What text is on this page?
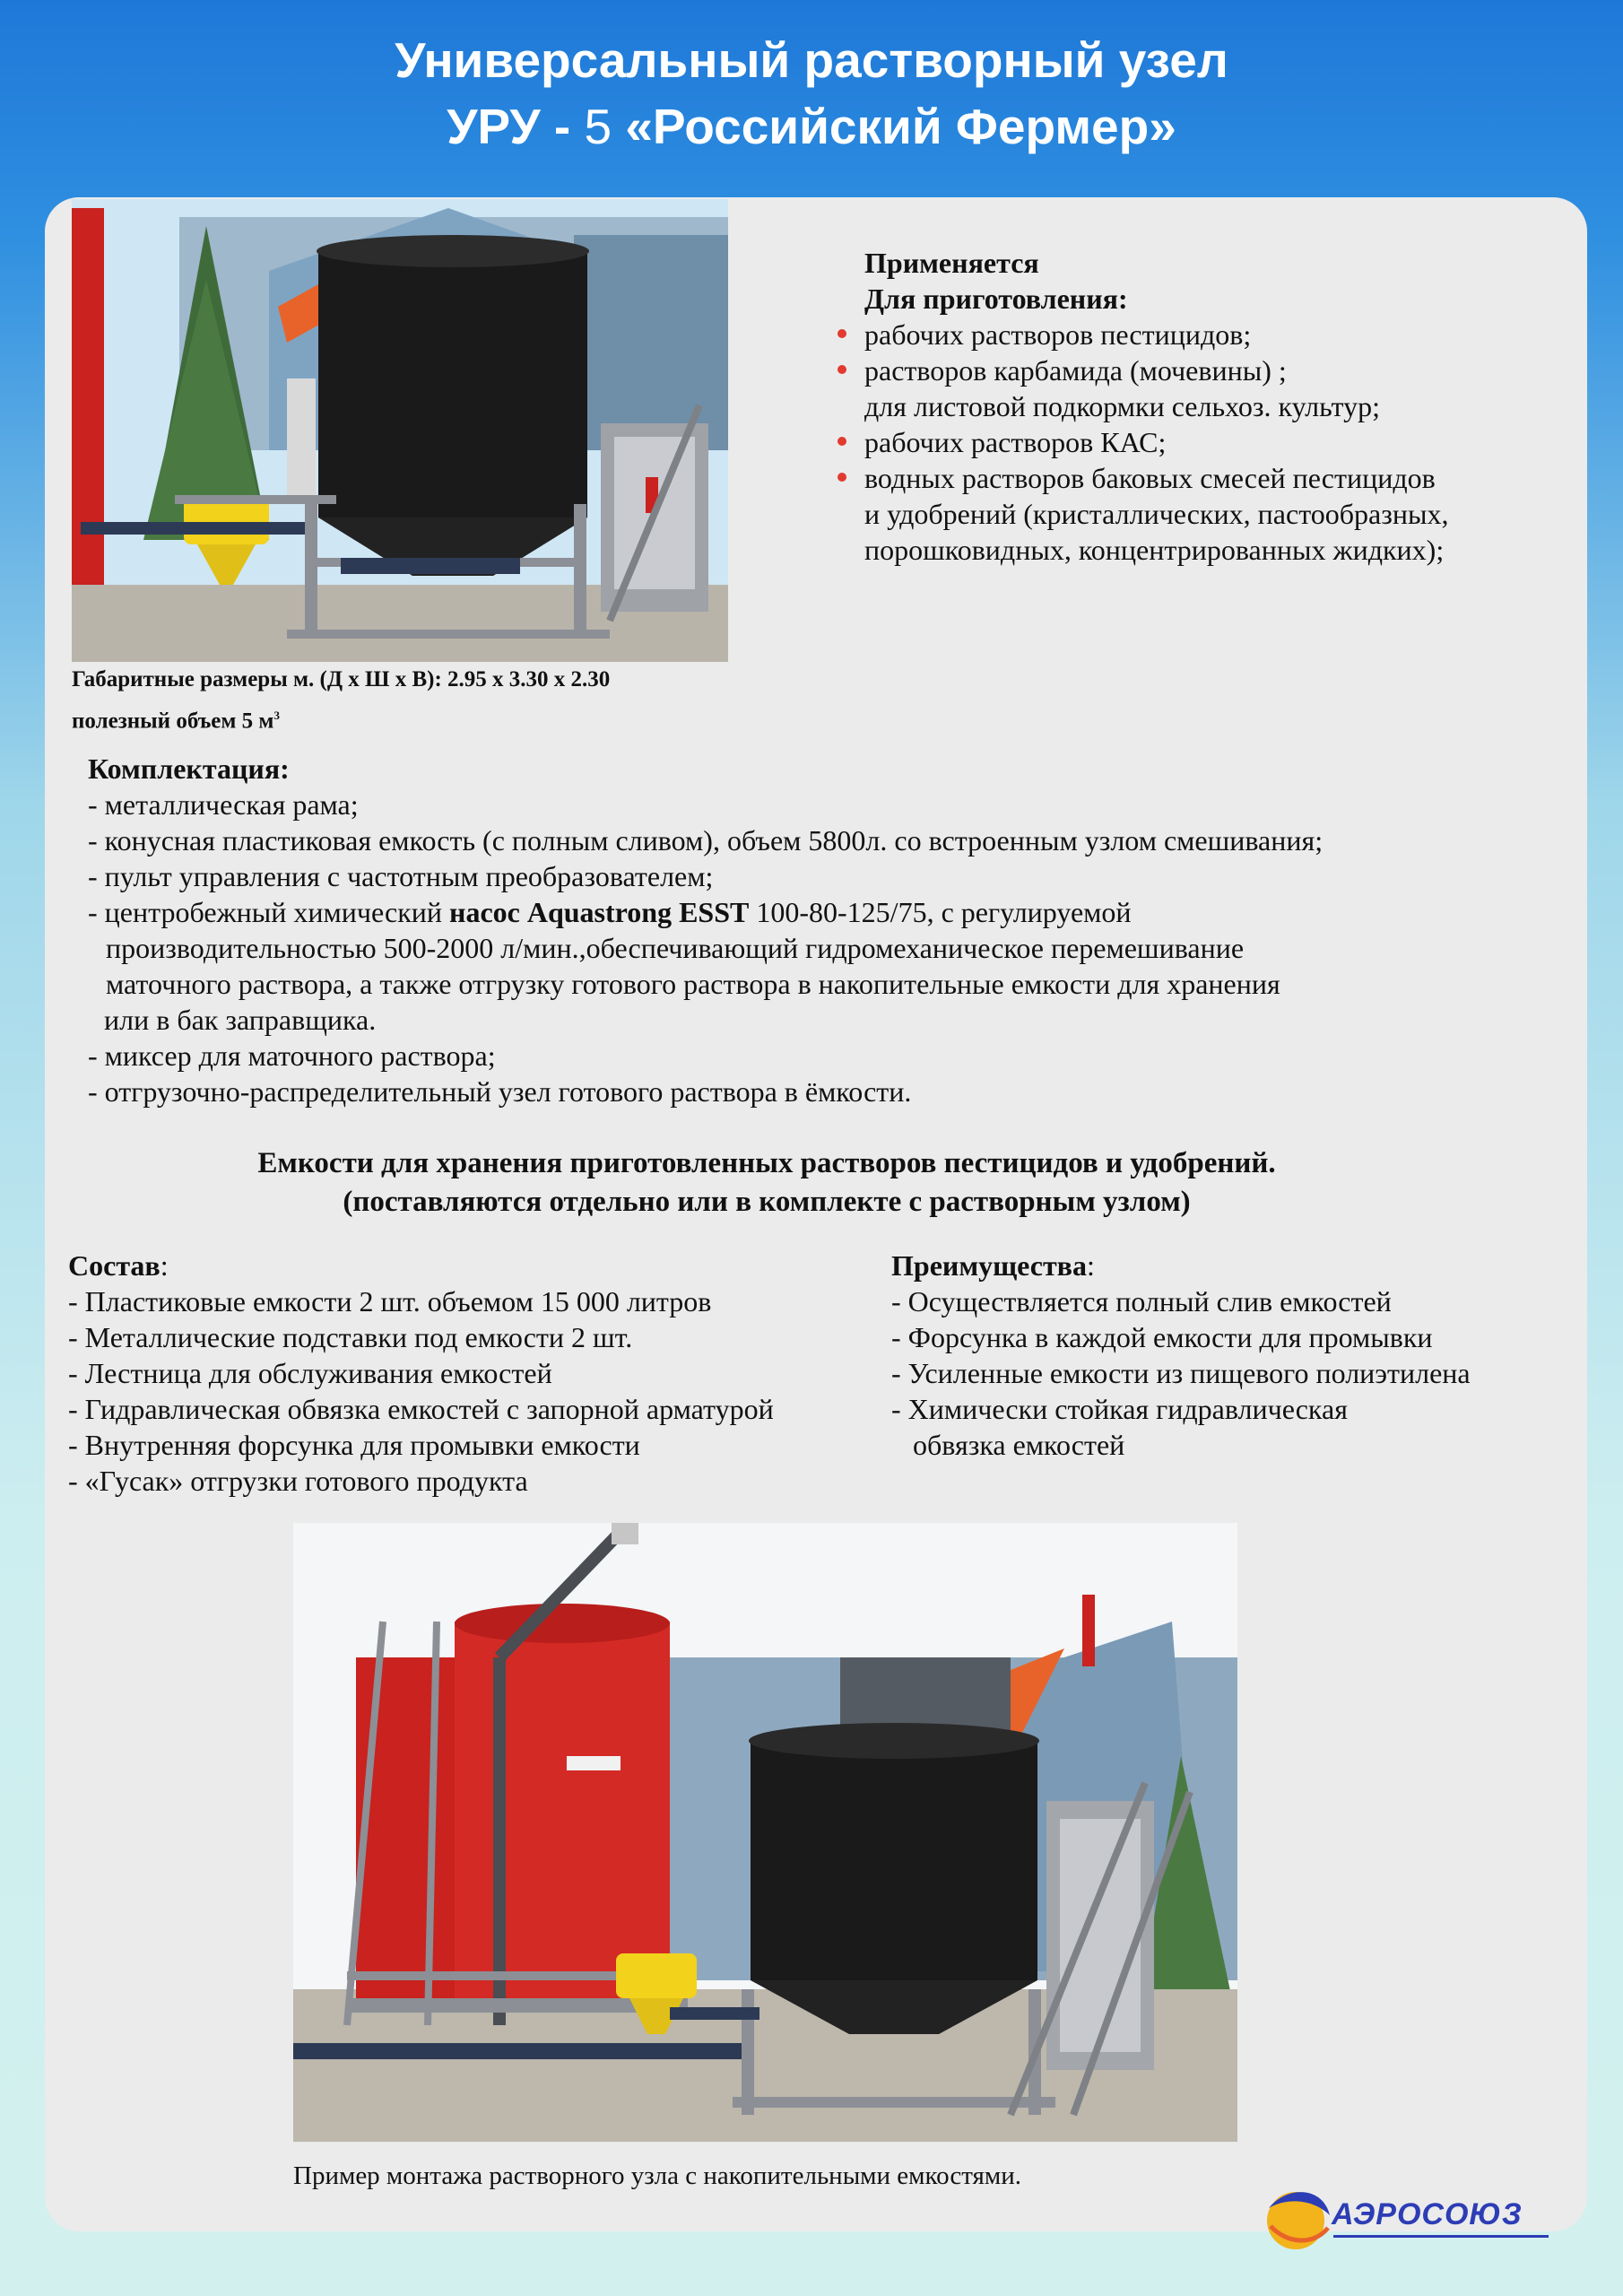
Универсальный растворный узел
УРУ - 5 «Российский Фермер»
Габаритные размеры м. (Д х Ш х В): 2.95 х 3.30 х 2.30
полезный объем 5 $м^3$
Применяется
Для приготовления:
рабочих растворов пестицидов;
растворов карбамида (мочевины) ;
для листовой подкормки сельхоз. культур;
рабочих растворов КАС;
водных растворов баковых смесей пестицидов
и удобрений (кристаллических, пастообразных,
порошковидных, концентрированных жидких);
Комплектация:
- металлическая рама;
- конусная пластиковая емкость (с полным сливом), объем 5800л. со встроенным узлом смешивания;
- пульт управления с частотным преобразователем;
- центробежный химический насос Aquastrong ESST 100-80-125/75, с регулируемой
производительностью 500-2000 л/мин.,обеспечивающий гидромеханическое перемешивание
маточного раствора, а также отгрузку готового раствора в накопительные емкости для хранения
или в бак заправщика.
- миксер для маточного раствора;
- отгрузочно-распределительный узел готового раствора в ёмкости.
Емкости для хранения приготовленных растворов пестицидов и удобрений.
(поставляются отдельно или в комплекте с растворным узлом)
Состав:
- Пластиковые емкости 2 шт. объемом 15 000 литров
- Металлические подставки под емкости 2 шт.
- Лестница для обслуживания емкостей
- Гидравлическая обвязка емкостей с запорной арматурой
- Внутренняя форсунка для промывки емкости
- «Гусак» отгрузки готового продукта
Преимущества:
- Осуществляется полный слив емкостей
- Форсунка в каждой емкости для промывки
- Усиленные емкости из пищевого полиэтилена
- Химически стойкая гидравлическая
обвязка емкостей
Пример монтажа растворного узла с накопительными емкостями.
АЭРОСОЮЗ
